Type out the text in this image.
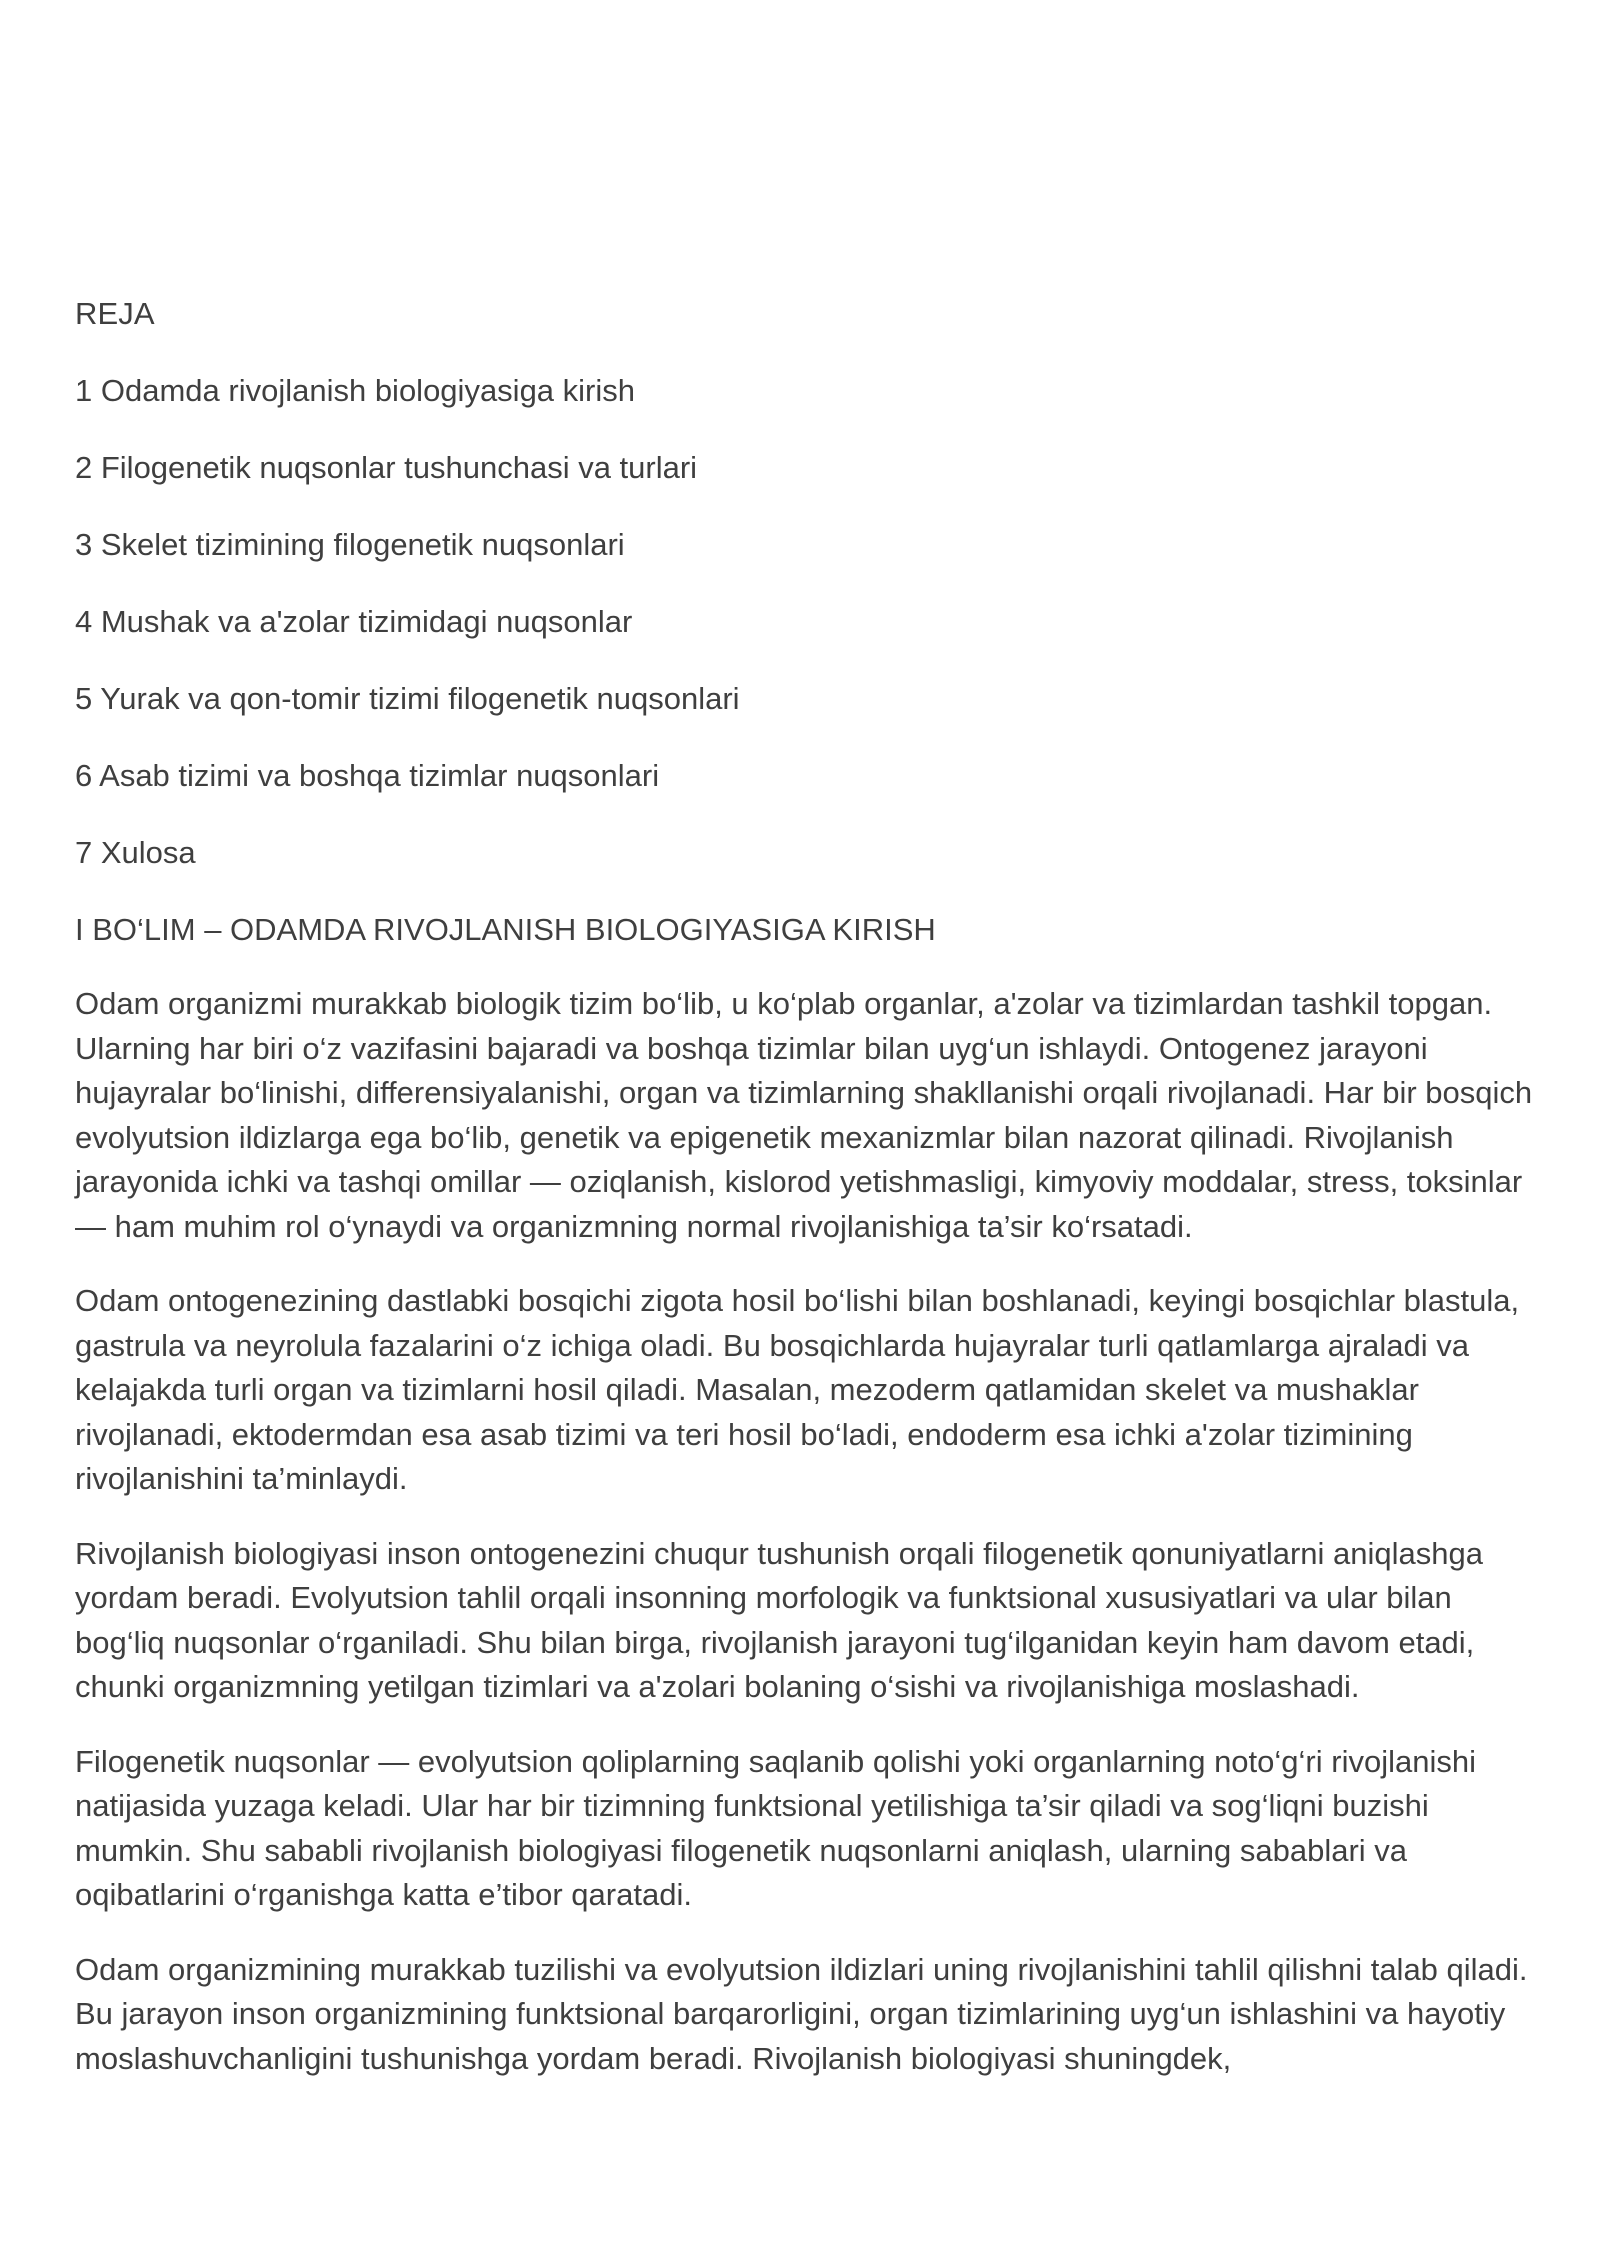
REJA
1 Odamda rivojlanish biologiyasiga kirish
2 Filogenetik nuqsonlar tushunchasi va turlari
3 Skelet tizimining filogenetik nuqsonlari
4 Mushak va a'zolar tizimidagi nuqsonlar
5 Yurak va qon-tomir tizimi filogenetik nuqsonlari
6 Asab tizimi va boshqa tizimlar nuqsonlari
7 Xulosa
I BO‘LIM – ODAMDA RIVOJLANISH BIOLOGIYASIGA KIRISH

Odam organizmi murakkab biologik tizim bo‘lib, u ko‘plab organlar, a'zolar va tizimlardan tashkil topgan. Ularning har biri o‘z vazifasini bajaradi va boshqa tizimlar bilan uyg‘un ishlaydi. Ontogenez jarayoni hujayralar bo‘linishi, differensiyalanishi, organ va tizimlarning shakllanishi orqali rivojlanadi. Har bir bosqich evolyutsion ildizlarga ega bo‘lib, genetik va epigenetik mexanizmlar bilan nazorat qilinadi. Rivojlanish jarayonida ichki va tashqi omillar — oziqlanish, kislorod yetishmasligi, kimyoviy moddalar, stress, toksinlar — ham muhim rol o‘ynaydi va organizmning normal rivojlanishiga ta’sir ko‘rsatadi.

Odam ontogenezining dastlabki bosqichi zigota hosil bo‘lishi bilan boshlanadi, keyingi bosqichlar blastula, gastrula va neyrolula fazalarini o‘z ichiga oladi. Bu bosqichlarda hujayralar turli qatlamlarga ajraladi va kelajakda turli organ va tizimlarni hosil qiladi. Masalan, mezoderm qatlamidan skelet va mushaklar rivojlanadi, ektodermdan esa asab tizimi va teri hosil bo‘ladi, endoderm esa ichki a'zolar tizimining rivojlanishini ta’minlaydi.

Rivojlanish biologiyasi inson ontogenezini chuqur tushunish orqali filogenetik qonuniyatlarni aniqlashga yordam beradi. Evolyutsion tahlil orqali insonning morfologik va funktsional xususiyatlari va ular bilan bog‘liq nuqsonlar o‘rganiladi. Shu bilan birga, rivojlanish jarayoni tug‘ilganidan keyin ham davom etadi, chunki organizmning yetilgan tizimlari va a'zolari bolaning o‘sishi va rivojlanishiga moslashadi.

Filogenetik nuqsonlar — evolyutsion qoliplarning saqlanib qolishi yoki organlarning noto‘g‘ri rivojlanishi natijasida yuzaga keladi. Ular har bir tizimning funktsional yetilishiga ta’sir qiladi va sog‘liqni buzishi mumkin. Shu sababli rivojlanish biologiyasi filogenetik nuqsonlarni aniqlash, ularning sabablari va oqibatlarini o‘rganishga katta e’tibor qaratadi.

Odam organizmining murakkab tuzilishi va evolyutsion ildizlari uning rivojlanishini tahlil qilishni talab qiladi. Bu jarayon inson organizmining funktsional barqarorligini, organ tizimlarining uyg‘un ishlashini va hayotiy moslashuvchanligini tushunishga yordam beradi. Rivojlanish biologiyasi shuningdek,
